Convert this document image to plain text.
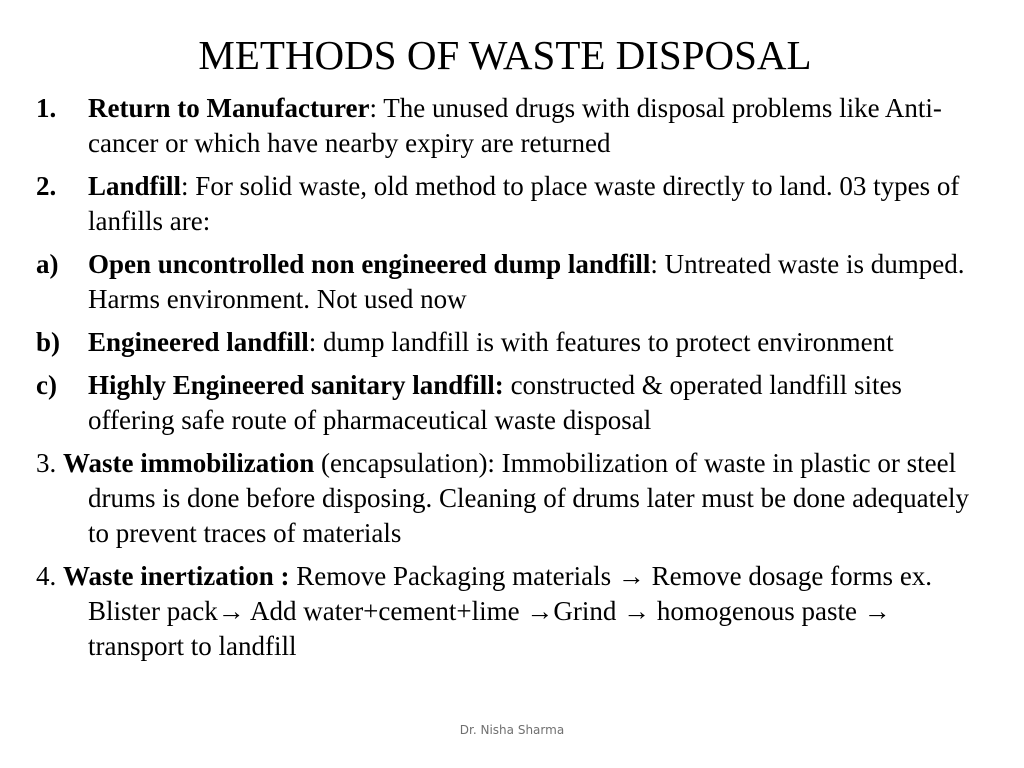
METHODS OF WASTE DISPOSAL
1. Return to Manufacturer: The unused drugs with disposal problems like Anti-cancer or which have nearby expiry are returned
2. Landfill: For solid waste, old method to place waste directly to land. 03 types of lanfills are:
a) Open uncontrolled non engineered dump landfill: Untreated waste is dumped. Harms environment. Not used now
b) Engineered landfill: dump landfill is with features to protect environment
c) Highly Engineered sanitary landfill: constructed & operated landfill sites offering safe route of pharmaceutical waste disposal
3. Waste immobilization (encapsulation): Immobilization of waste in plastic or steel drums is done before disposing. Cleaning of drums later must be done adequately to prevent traces of materials
4. Waste inertization : Remove Packaging materials → Remove dosage forms ex. Blister pack→ Add water+cement+lime →Grind → homogenous paste → transport to landfill
Dr. Nisha Sharma
